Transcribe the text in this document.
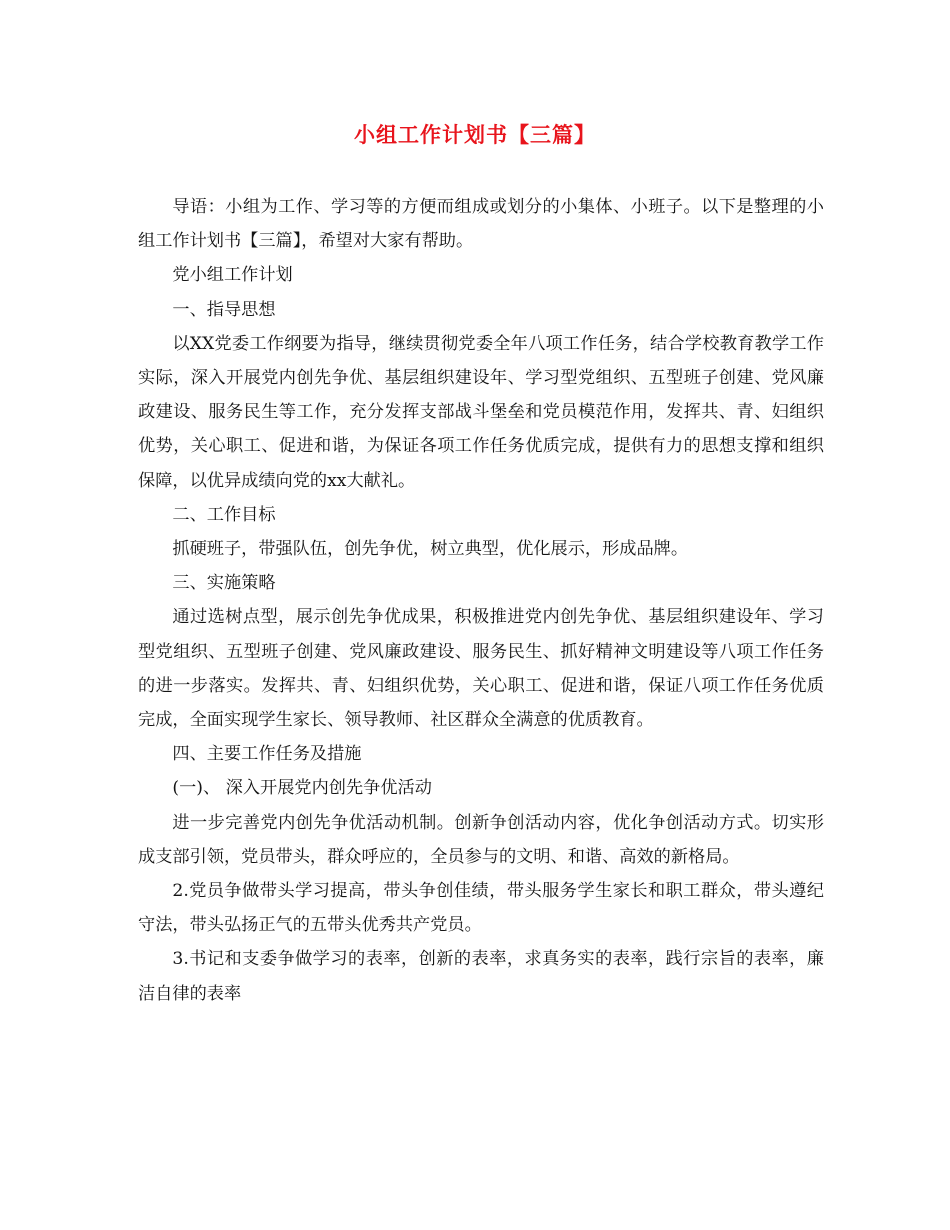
小组工作计划书【三篇】

导语：小组为工作、学习等的方便而组成或划分的小集体、小班子。以下是整理的小组工作计划书【三篇】，希望对大家有帮助。

党小组工作计划

一、指导思想

以XX党委工作纲要为指导，继续贯彻党委全年八项工作任务，结合学校教育教学工作实际，深入开展党内创先争优、基层组织建设年、学习型党组织、五型班子创建、党风廉政建设、服务民生等工作，充分发挥支部战斗堡垒和党员模范作用，发挥共、青、妇组织优势，关心职工、促进和谐，为保证各项工作任务优质完成，提供有力的思想支撑和组织保障，以优异成绩向党的xx大献礼。

二、工作目标

抓硬班子，带强队伍，创先争优，树立典型，优化展示，形成品牌。

三、实施策略

通过选树点型，展示创先争优成果，积极推进党内创先争优、基层组织建设年、学习型党组织、五型班子创建、党风廉政建设、服务民生、抓好精神文明建设等八项工作任务的进一步落实。发挥共、青、妇组织优势，关心职工、促进和谐，保证八项工作任务优质完成，全面实现学生家长、领导教师、社区群众全满意的优质教育。

四、主要工作任务及措施

(一)、 深入开展党内创先争优活动

进一步完善党内创先争优活动机制。创新争创活动内容，优化争创活动方式。切实形成支部引领，党员带头，群众呼应的，全员参与的文明、和谐、高效的新格局。

2.党员争做带头学习提高，带头争创佳绩，带头服务学生家长和职工群众，带头遵纪守法，带头弘扬正气的五带头优秀共产党员。

3.书记和支委争做学习的表率，创新的表率，求真务实的表率，践行宗旨的表率，廉洁自律的表率
